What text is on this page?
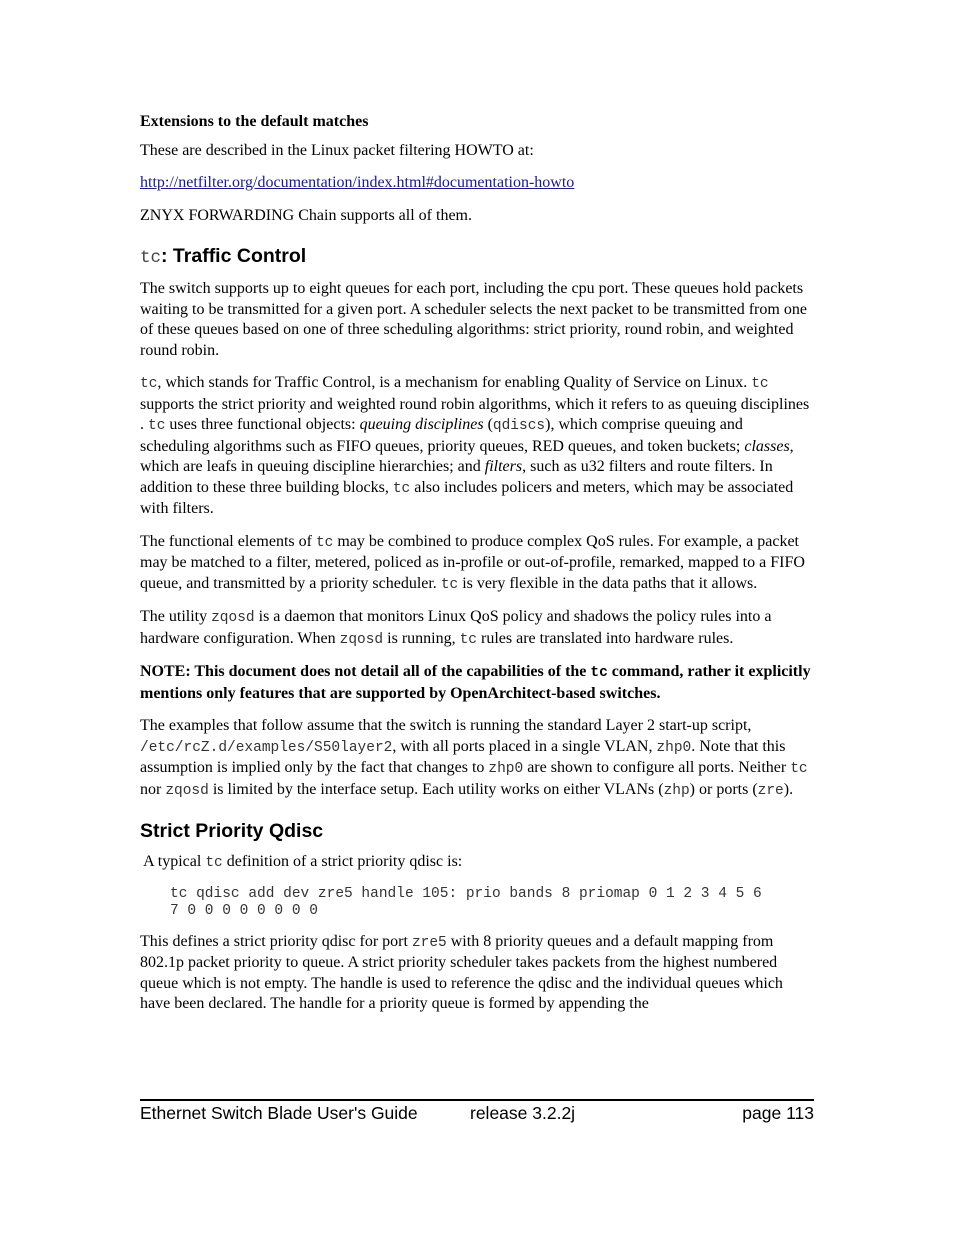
Extensions to the default matches

These are described in the Linux packet filtering HOWTO at:

http://netfilter.org/documentation/index.html#documentation-howto

ZNYX FORWARDING Chain supports all of them.

tc: Traffic Control

The switch supports up to eight queues for each port, including the cpu port. These queues hold packets waiting to be transmitted for a given port. A scheduler selects the next packet to be transmitted from one of these queues based on one of three scheduling algorithms: strict priority, round robin, and weighted round robin.

tc, which stands for Traffic Control, is a mechanism for enabling Quality of Service on Linux. tc supports the strict priority and weighted round robin algorithms, which it refers to as queuing disciplines . tc uses three functional objects: queuing disciplines (qdiscs), which comprise queuing and scheduling algorithms such as FIFO queues, priority queues, RED queues, and token buckets; classes, which are leafs in queuing discipline hierarchies; and filters, such as u32 filters and route filters. In addition to these three building blocks, tc also includes policers and meters, which may be associated with filters.

The functional elements of tc may be combined to produce complex QoS rules. For example, a packet may be matched to a filter, metered, policed as in-profile or out-of-profile, remarked, mapped to a FIFO queue, and transmitted by a priority scheduler. tc is very flexible in the data paths that it allows.

The utility zqosd is a daemon that monitors Linux QoS policy and shadows the policy rules into a hardware configuration. When zqosd is running, tc rules are translated into hardware rules.

NOTE: This document does not detail all of the capabilities of the tc command, rather it explicitly mentions only features that are supported by OpenArchitect-based switches.

The examples that follow assume that the switch is running the standard Layer 2 start-up script, /etc/rcZ.d/examples/S50layer2, with all ports placed in a single VLAN, zhp0. Note that this assumption is implied only by the fact that changes to zhp0 are shown to configure all ports. Neither tc nor zqosd is limited by the interface setup. Each utility works on either VLANs (zhp) or ports (zre).

Strict Priority Qdisc

A typical tc definition of a strict priority qdisc is:

tc qdisc add dev zre5 handle 105: prio bands 8 priomap 0 1 2 3 4 5 6
7 0 0 0 0 0 0 0 0

This defines a strict priority qdisc for port zre5 with 8 priority queues and a default mapping from 802.1p packet priority to queue. A strict priority scheduler takes packets from the highest numbered queue which is not empty. The handle is used to reference the qdisc and the individual queues which have been declared. The handle for a priority queue is formed by appending the

Ethernet Switch Blade User's Guide	release 3.2.2j	page 113
